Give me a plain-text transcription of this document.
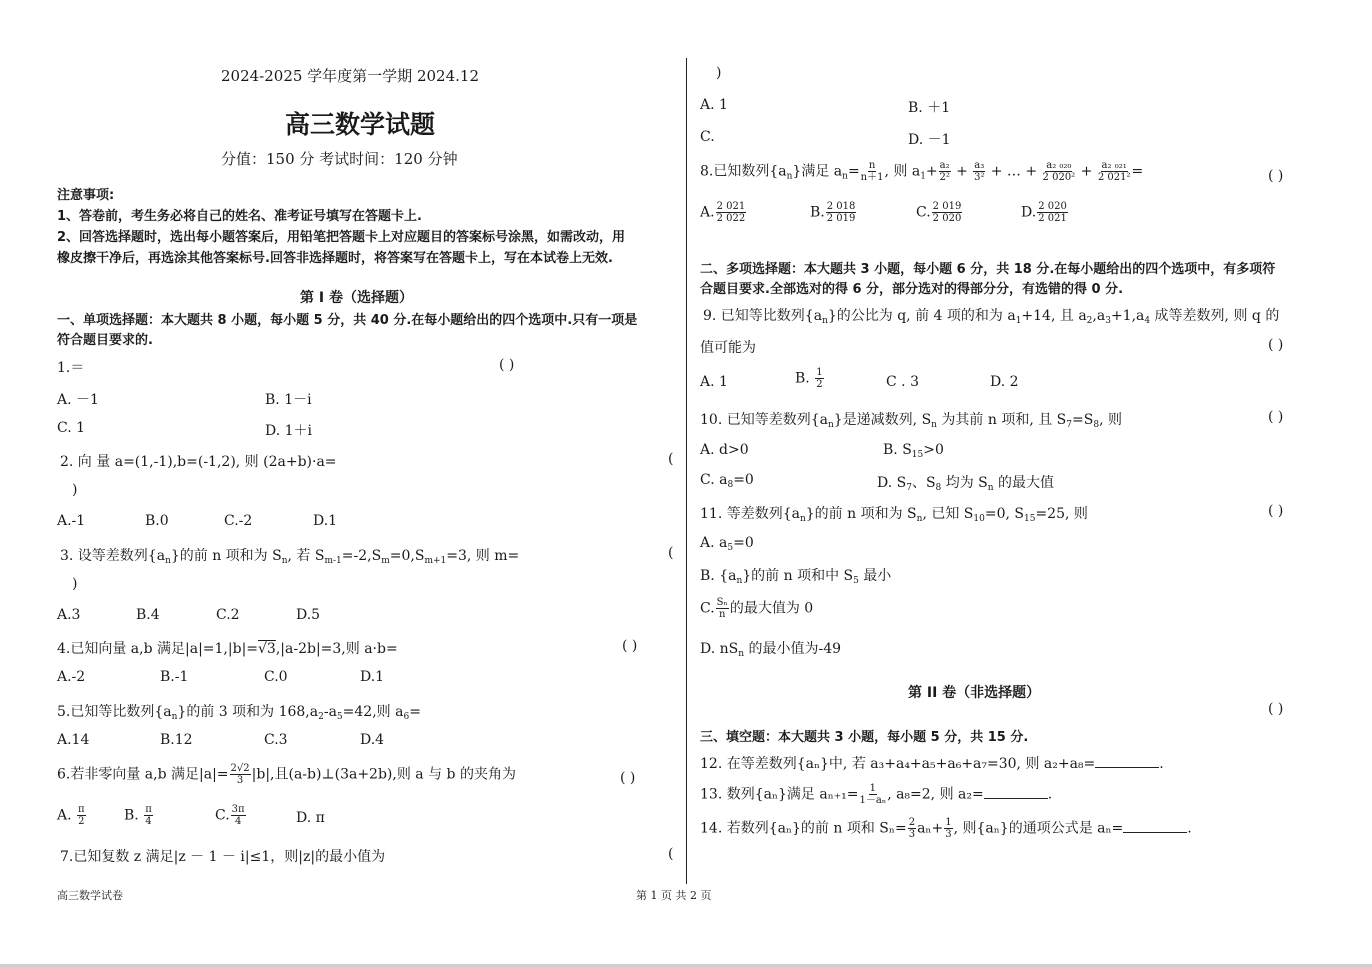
2024-2025 学年度第一学期 2024.12
高三数学试题
分值：150 分 考试时间：120 分钟
注意事项:
1、答卷前，考生务必将自己的姓名、准考证号填写在答题卡上.
2、回答选择题时，选出每小题答案后，用铅笔把答题卡上对应题目的答案标号涂黑，如需改动，用
橡皮擦干净后，再选涂其他答案标号.回答非选择题时，将答案写在答题卡上，写在本试卷上无效.
第 I 卷（选择题）
一、单项选择题：本大题共 8 小题，每小题 5 分，共 40 分.在每小题给出的四个选项中.只有一项是
符合题目要求的.
1.＝	( )
A. －1	B. 1－i
C. 1	D. 1＋i
2. 向 量 a=(1,-1),b=(-1,2), 则 (2a+b)·a=	(
)
A.-1	B.0	C.-2	D.1
3. 设等差数列$\{a_n\}$的前 n 项和为 $S_n$, 若 $S_{m-1}=-2,S_m=0,S_{m+1}=3$, 则 m=	(
)
A.3	B.4	C.2	D.5
4.已知向量 a,b 满足|a|=1,|b|=√3,|a-2b|=3,则 a·b=	( )
A.-2	B.-1	C.0	D.1
5.已知等比数列$\{a_n\}$的前 3 项和为 $168,a_2-a_5=42$,则 $a_6=$
A.14	B.12	C.3	D.4
6.若非零向量 a,b 满足$|a|= \frac{2√2}{3} |b|$,且(a-b)⊥(3a+2b),则 a 与 b 的夹角为	( )
A. $\frac{\pi}{2}$	B. $\frac{\pi}{4}$	C. $\frac{3\pi}{4}$	D. π
7.已知复数 z 满足|z － 1 － i|≤1，则|z|的最小值为	(
)
A. 1	B. ＋1
C.	D. －1
8.已知数列$\{a_n\}$满足 $a_n= \frac{n}{n+1}$ , 则 $a_1+ \frac{\text{a₂}}{\text{2²}} + \frac{\text{a₃}}{\text{3²}}$ + … + $\frac{\text{a₂ ₀₂₀}}{\text{2 020²}} + \frac{\text{a₂ ₀₂₁}}{\text{2 021²}}$ =	( )
A. $\frac{2 021}{2 022}$	B. $\frac{2 018}{2 019}$	C. $\frac{2 019}{2 020}$	D. $\frac{2 020}{2 021}$
二、多项选择题：本大题共 3 小题，每小题 6 分，共 18 分.在每小题给出的四个选项中，有多项符
合题目要求.全部选对的得 6 分，部分选对的得部分分，有选错的得 0 分.
9. 已知等比数列$\{a_n\}$的公比为 q, 前 4 项的和为 $a_1+14$, 且 $a_2,a_3+1,a_4$ 成等差数列, 则 q 的
值可能为	( )
A. 1	B. $\frac{1}{2}$	C . 3	D. 2
10. 已知等差数列$\{a_n\}$是递减数列, $S_n$ 为其前 n 项和, 且 $S_7=S_8$, 则	( )
A. d>0	B. $S_{15}>0$
C. $a_8=0$	D. $S_7$、$S_8$ 均为 $S_n$ 的最大值
11. 等差数列$\{a_n\}$的前 n 项和为 $S_n$, 已知 $S_{10}=0$, $S_{15}=25$, 则	( )
A. $a_5=0$
B. $\{a_n\}$的前 n 项和中 $S_5$ 最小
C. $\frac{\text{Sₙ}}{n}$ 的最大值为 0
D. $nS_n$ 的最小值为-49
第 II 卷（非选择题）
( )
三、填空题：本大题共 3 小题，每小题 5 分，共 15 分.
12. 在等差数列{aₙ}中, 若 a₃+a₄+a₅+a₆+a₇=30, 则 a₂+a₈=	.
13. 数列{aₙ}满足 $a_{n+1}= \frac{1}{\text{1－aₙ}}$ , a₈=2, 则 a₂=	.
14. 若数列{aₙ}的前 n 项和 $S_n= \frac{2}{3} a_n+ \frac{1}{3}$ , 则{aₙ}的通项公式是 aₙ=	.
高三数学试卷	第 1 页 共 2 页
